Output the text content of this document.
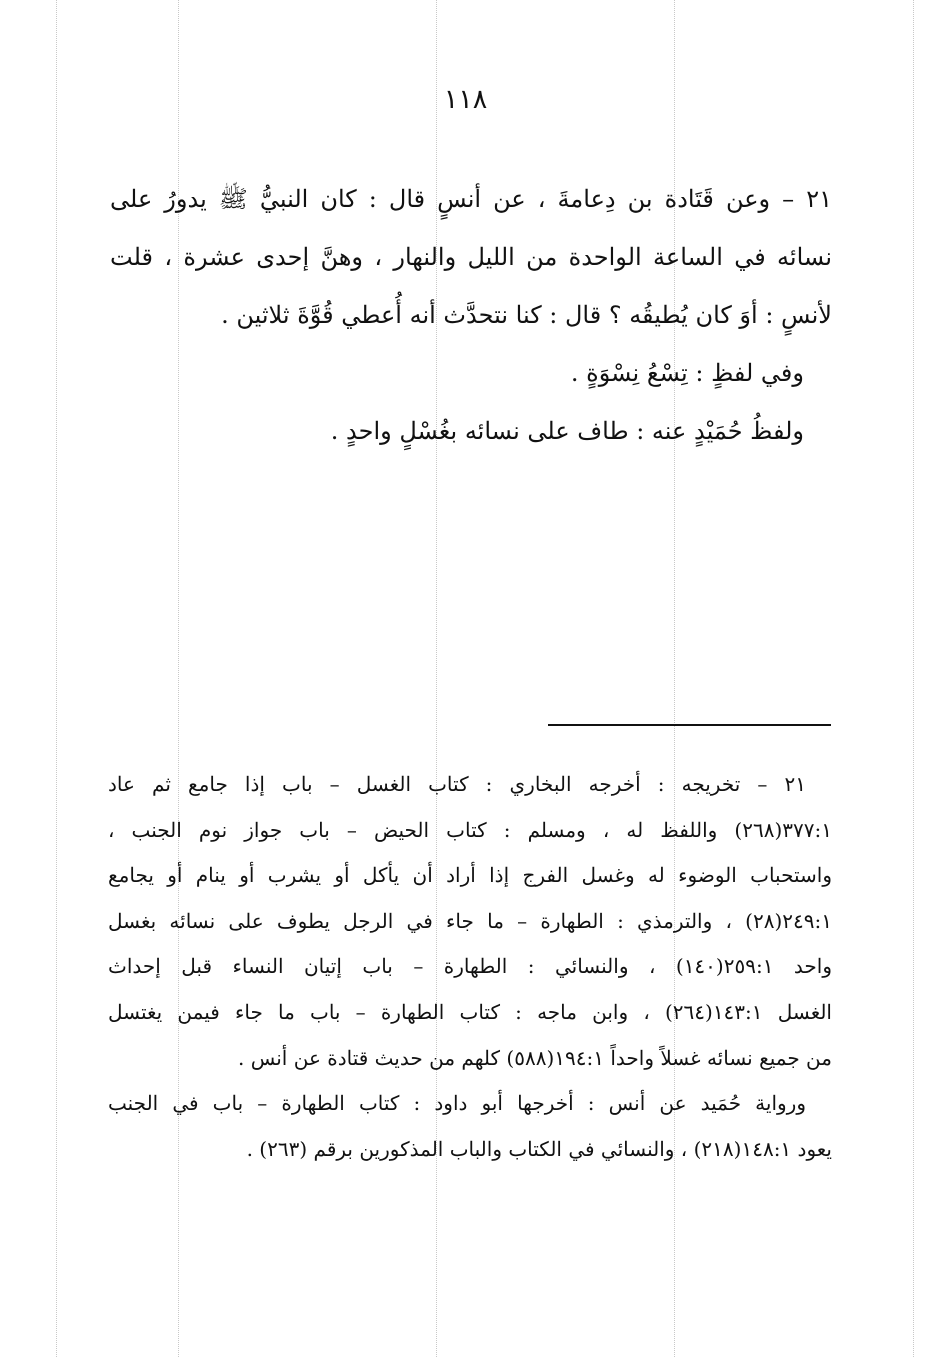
١١٨
٢١ – وعن قَتَادة بن دِعامةَ ، عن أنسٍ قال : كان النبيُّ ﷺ يدورُ على
نسائه في الساعة الواحدة من الليل والنهار ، وهنَّ إحدى عشرة ، قلت
لأنسٍ : أوَ كان يُطيقُه ؟ قال : كنا نتحدَّث أنه أُعطي قُوَّةَ ثلاثين .
وفي لفظٍ : تِسْعُ نِسْوَةٍ .
ولفظُ حُمَيْدٍ عنه : طاف على نسائه بغُسْلٍ واحدٍ .
٢١ – تخريجه : أخرجه البخاري : كتاب الغسل – باب إذا جامع ثم عاد
٣٧٧:١(٢٦٨) واللفظ له ، ومسلم : كتاب الحيض – باب جواز نوم الجنب ،
واستحباب الوضوء له وغسل الفرج إذا أراد أن يأكل أو يشرب أو ينام أو يجامع
٢٤٩:١(٢٨) ، والترمذي : الطهارة – ما جاء في الرجل يطوف على نسائه بغسل
واحد ٢٥٩:١(١٤٠) ، والنسائي : الطهارة – باب إتيان النساء قبل إحداث
الغسل ١٤٣:١(٢٦٤) ، وابن ماجه : كتاب الطهارة – باب ما جاء فيمن يغتسل
من جميع نسائه غسلاً واحداً ١٩٤:١(٥٨٨) كلهم من حديث قتادة عن أنس .
ورواية حُمَيد عن أنس : أخرجها أبو داود : كتاب الطهارة – باب في الجنب
يعود ١٤٨:١(٢١٨) ، والنسائي في الكتاب والباب المذكورين برقم (٢٦٣) .
